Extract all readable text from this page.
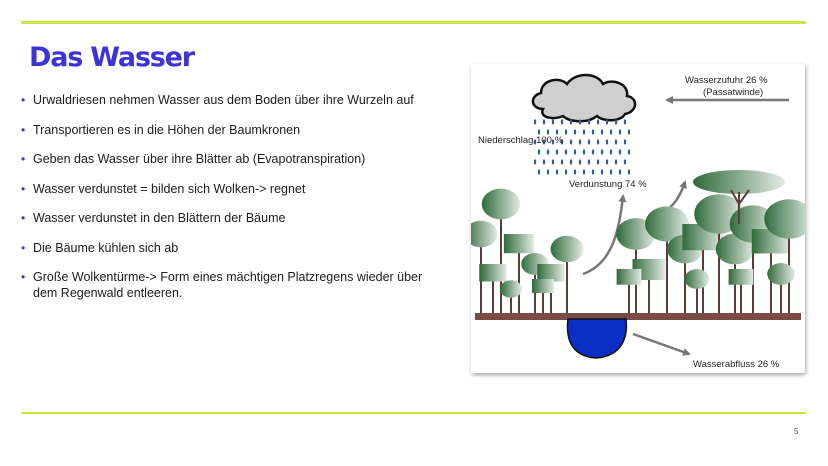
Das Wasser
• Urwaldriesen nehmen Wasser aus dem Boden über ihre Wurzeln auf
• Transportieren es in die Höhen der Baumkronen
• Geben das Wasser über ihre Blätter ab (Evapotranspiration)
• Wasser verdunstet = bilden sich Wolken-> regnet
• Wasser verdunstet in den Blättern der Bäume
• Die Bäume kühlen sich ab
• Große Wolkentürme-> Form eines mächtigen Platzregens wieder über dem Regenwald entleeren.
Wasserzufuhr 26 %
(Passatwinde)
Niederschlag 100 %
Verdunstung 74 %
Wasserabfluss 26 %
5
